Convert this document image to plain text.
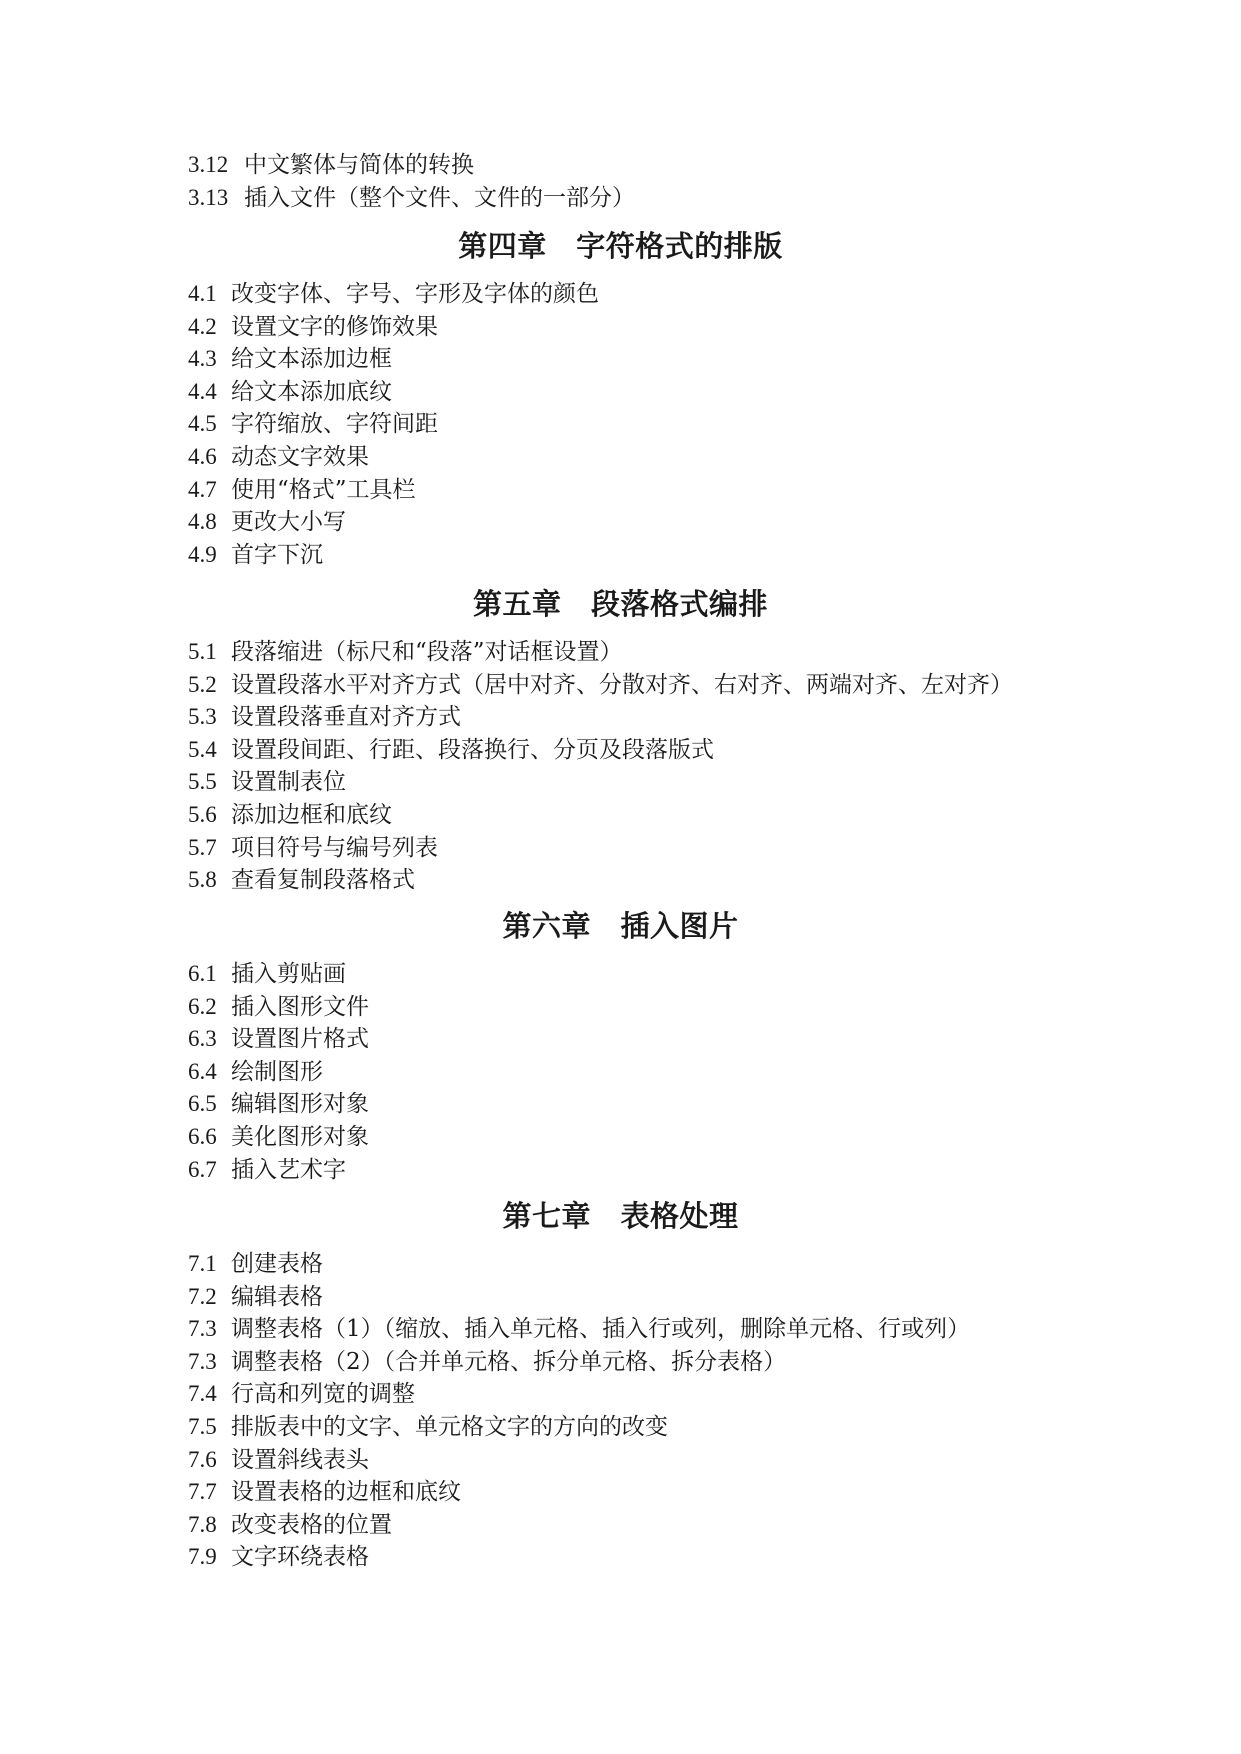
3.12 中文繁体与简体的转换
3.13 插入文件（整个文件、文件的一部分）
第四章　字符格式的排版
4.1 改变字体、字号、字形及字体的颜色
4.2 设置文字的修饰效果
4.3 给文本添加边框
4.4 给文本添加底纹
4.5 字符缩放、字符间距
4.6 动态文字效果
4.7 使用“格式”工具栏
4.8 更改大小写
4.9 首字下沉
第五章　段落格式编排
5.1 段落缩进（标尺和“段落”对话框设置）
5.2 设置段落水平对齐方式（居中对齐、分散对齐、右对齐、两端对齐、左对齐）
5.3 设置段落垂直对齐方式
5.4 设置段间距、行距、段落换行、分页及段落版式
5.5 设置制表位
5.6 添加边框和底纹
5.7 项目符号与编号列表
5.8 查看复制段落格式
第六章　插入图片
6.1 插入剪贴画
6.2 插入图形文件
6.3 设置图片格式
6.4 绘制图形
6.5 编辑图形对象
6.6 美化图形对象
6.7 插入艺术字
第七章　表格处理
7.1 创建表格
7.2 编辑表格
7.3 调整表格（1）（缩放、插入单元格、插入行或列，删除单元格、行或列）
7.3 调整表格（2）（合并单元格、拆分单元格、拆分表格）
7.4 行高和列宽的调整
7.5 排版表中的文字、单元格文字的方向的改变
7.6 设置斜线表头
7.7 设置表格的边框和底纹
7.8 改变表格的位置
7.9 文字环绕表格
